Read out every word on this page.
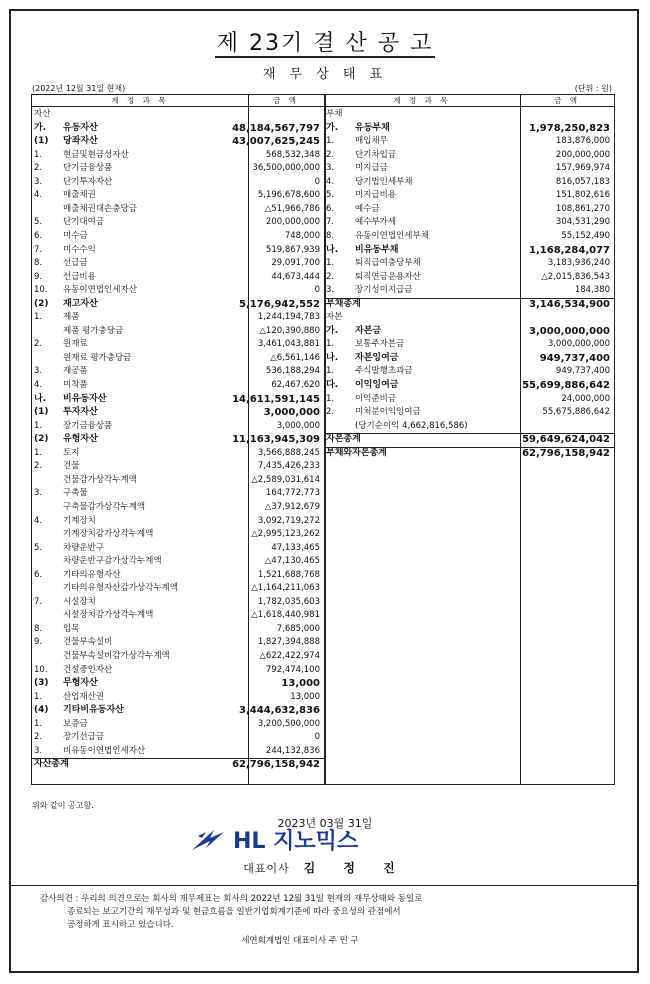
제 23기 결 산 공 고
재 무 상 태 표
(2022년 12월 31일 현재)	(단위 : 원)
계 정 과 목	금 액	계 정 과 목	금 액
자산
가. 유동자산	48,184,567,797
(1) 당좌자산	43,007,625,245
1. 현금및현금성자산	568,532,348
2. 단기금융상품	36,500,000,000
3. 단기투자자산	0
4. 매출채권	5,196,678,600
매출채권대손충당금	△51,966,786
5. 단기대여금	200,000,000
6. 미수금	748,000
7. 미수수익	519,867,939
8. 선급금	29,091,700
9. 선급비용	44,673,444
10. 유동이연법인세자산	0
(2) 재고자산	5,176,942,552
1. 제품	1,244,194,783
제품 평가충당금	△120,390,880
2. 원재료	3,461,043,881
원재료 평가충당금	△6,561,146
3. 재공품	536,188,294
4. 미착품	62,467,620
나. 비유동자산	14,611,591,145
(1) 투자자산	3,000,000
1. 장기금융상품	3,000,000
(2) 유형자산	11,163,945,309
1. 토지	3,566,888,245
2. 건물	7,435,426,233
건물감가상각누계액	△2,589,031,614
3. 구축물	164,772,773
구축물감가상각누계액	△37,912,679
4. 기계장치	3,092,719,272
기계장치감가상각누계액	△2,995,123,262
5. 차량운반구	47,133,465
차량운반구감가상각누계액	△47,130,465
6. 기타의유형자산	1,521,688,768
기타의유형자산감가상각누계액	△1,164,211,063
7. 시설장치	1,782,035,603
시설장치감가상각누계액	△1,618,440,981
8. 임목	7,685,000
9. 건물부속설비	1,827,394,888
건물부속설비감가상각누계액	△622,422,974
10. 건설중인자산	792,474,100
(3) 무형자산	13,000
1. 산업재산권	13,000
(4) 기타비유동자산	3,444,632,836
1. 보증금	3,200,500,000
2. 장기선급금	0
3. 비유동이연법인세자산	244,132,836
자산총계	62,796,158,942
부채
가. 유동부채	1,978,250,823
1. 매입채무	183,876,000
2. 단기차입금	200,000,000
3. 미지급금	157,969,974
4. 당기법인세부채	816,057,183
5. 미지급비용	151,802,616
6. 예수금	108,861,270
7. 예수부가세	304,531,290
8. 유동이연법인세부채	55,152,490
나. 비유동부채	1,168,284,077
1. 퇴직급여충당부채	3,183,936,240
2. 퇴직연금운용자산	△2,015,836,543
3. 장기성미지급금	184,380
부채총계	3,146,534,900
자본
가. 자본금	3,000,000,000
1. 보통주자본금	3,000,000,000
나. 자본잉여금	949,737,400
1. 주식발행초과금	949,737,400
다. 이익잉여금	55,699,886,642
1. 이익준비금	24,000,000
2. 미처분이익잉여금	55,675,886,642
(당기순이익 4,662,816,586)
자본총계	59,649,624,042
부채와자본총계	62,796,158,942
위와 같이 공고함.
2023년 03월 31일
HL 지노믹스
대표이사 김 정 진
감사의견 : 우리의 의견으로는 회사의 재무제표는 회사의 2022년 12월 31일 현재의 재무상태와 동일로
종료되는 보고기간의 재무성과 및 현금흐름을 일반기업회계기준에 따라 중요성의 관점에서
공정하게 표시하고 있습니다.
세연회계법인 대표이사 주 민 구
